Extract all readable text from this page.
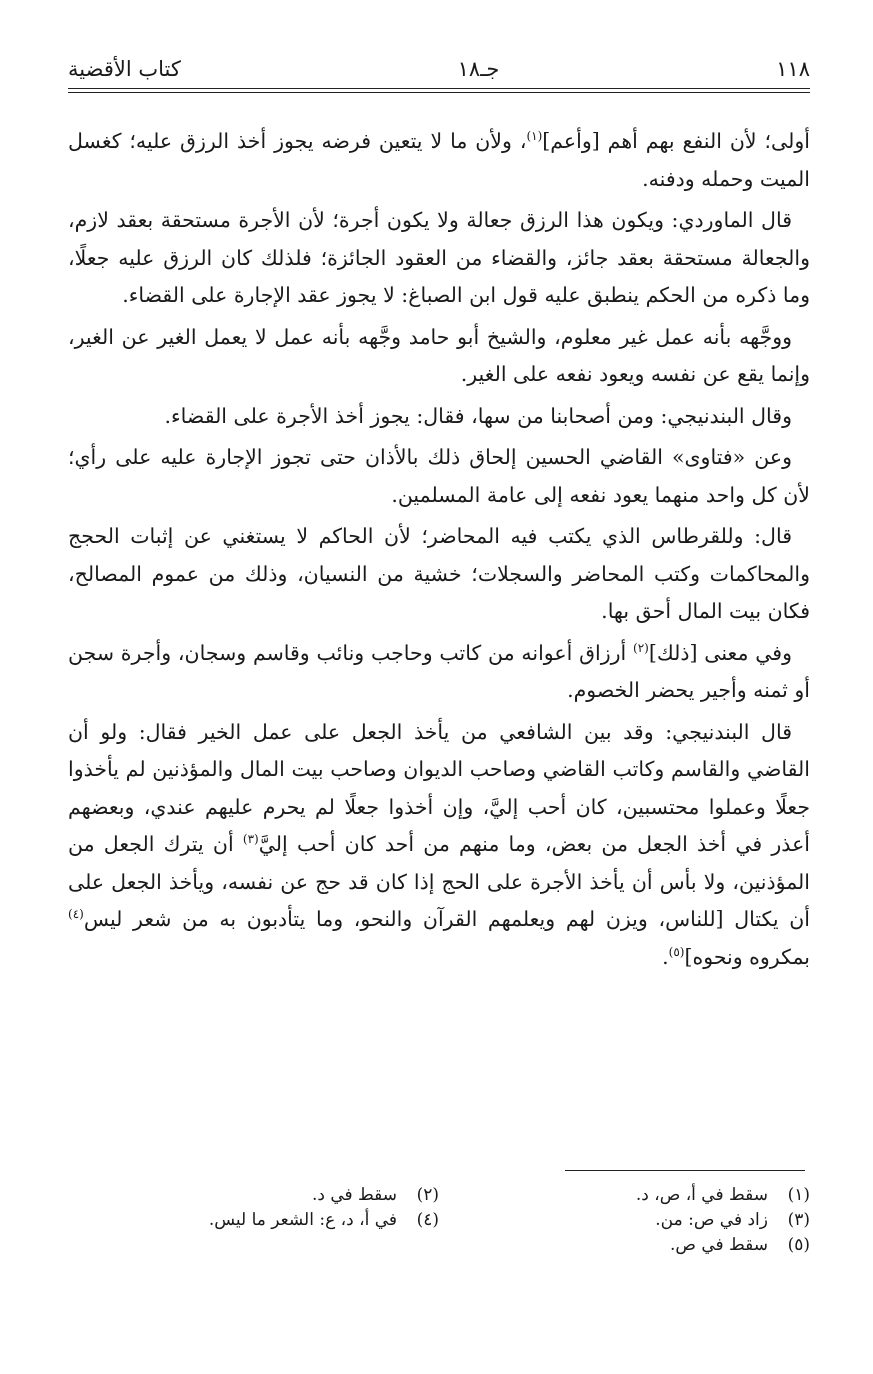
١١٨
جـ١٨
كتاب الأقضية

أولى؛ لأن النفع بهم أهم [وأعم]$^{(١)}$، ولأن ما لا يتعين فرضه يجوز أخذ الرزق عليه؛ كغسل الميت وحمله ودفنه.

قال الماوردي: ويكون هذا الرزق جعالة ولا يكون أجرة؛ لأن الأجرة مستحقة بعقد لازم، والجعالة مستحقة بعقد جائز، والقضاء من العقود الجائزة؛ فلذلك كان الرزق عليه جعلًا، وما ذكره من الحكم ينطبق عليه قول ابن الصباغ: لا يجوز عقد الإجارة على القضاء.

ووجَّهه بأنه عمل غير معلوم، والشيخ أبو حامد وجَّهه بأنه عمل لا يعمل الغير عن الغير، وإنما يقع عن نفسه ويعود نفعه على الغير.

وقال البندنيجي: ومن أصحابنا من سها، فقال: يجوز أخذ الأجرة على القضاء.

وعن «فتاوى» القاضي الحسين إلحاق ذلك بالأذان حتى تجوز الإجارة عليه على رأي؛ لأن كل واحد منهما يعود نفعه إلى عامة المسلمين.

قال: وللقرطاس الذي يكتب فيه المحاضر؛ لأن الحاكم لا يستغني عن إثبات الحجج والمحاكمات وكتب المحاضر والسجلات؛ خشية من النسيان، وذلك من عموم المصالح، فكان بيت المال أحق بها.

وفي معنى [ذلك]$^{(٢)}$ أرزاق أعوانه من كاتب وحاجب ونائب وقاسم وسجان، وأجرة سجن أو ثمنه وأجير يحضر الخصوم.

قال البندنيجي: وقد بين الشافعي من يأخذ الجعل على عمل الخير فقال: ولو أن القاضي والقاسم وكاتب القاضي وصاحب الديوان وصاحب بيت المال والمؤذنين لم يأخذوا جعلًا وعملوا محتسبين، كان أحب إليَّ، وإن أخذوا جعلًا لم يحرم عليهم عندي، وبعضهم أعذر في أخذ الجعل من بعض، وما منهم من أحد كان أحب إليَّ$^{(٣)}$ أن يترك الجعل من المؤذنين، ولا بأس أن يأخذ الأجرة على الحج إذا كان قد حج عن نفسه، ويأخذ الجعل على أن يكتال [للناس، ويزن لهم ويعلمهم القرآن والنحو، وما يتأدبون به من شعر ليس$^{(٤)}$ بمكروه ونحوه]$^{(٥)}$.

(١)
سقط في أ، ص، د.
(٢)
سقط في د.
(٣)
زاد في ص: من.
(٤)
في أ، د، ع: الشعر ما ليس.
(٥)
سقط في ص.
